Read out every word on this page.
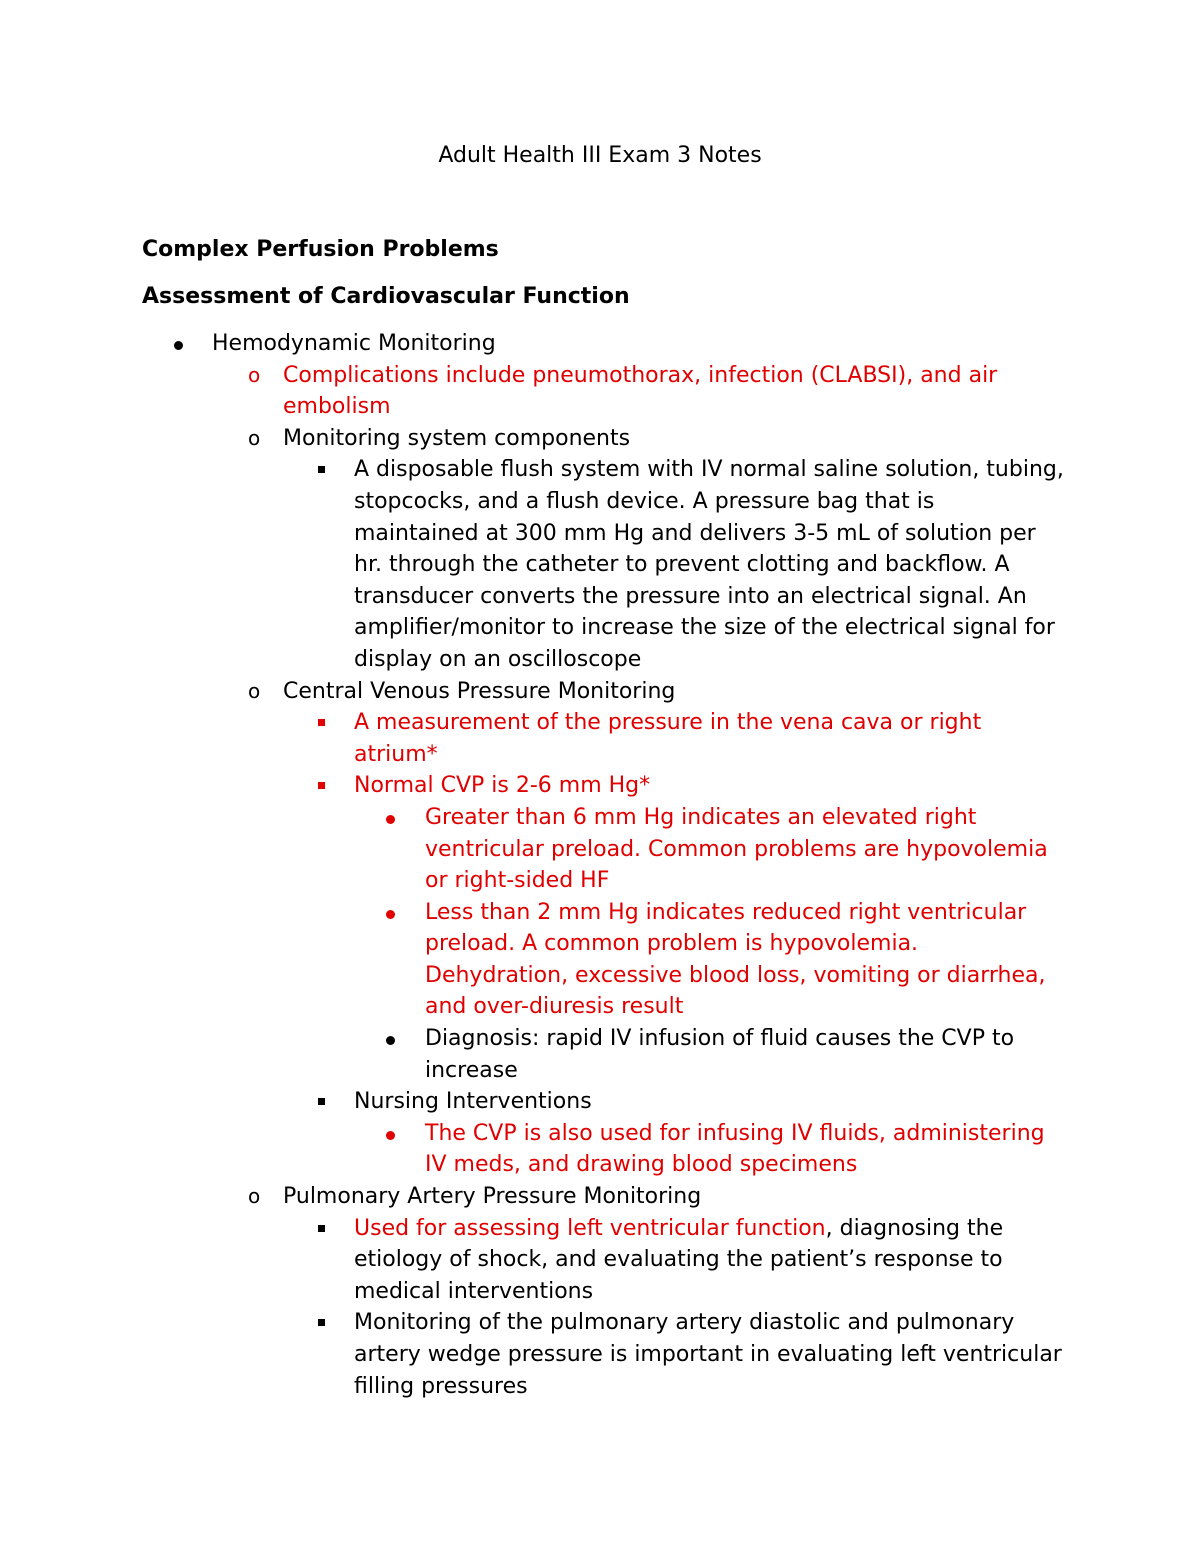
Adult Health III Exam 3 Notes
Complex Perfusion Problems
Assessment of Cardiovascular Function
Hemodynamic Monitoring
o Complications include pneumothorax, infection (CLABSI), and air embolism
o Monitoring system components
A disposable flush system with IV normal saline solution, tubing, stopcocks, and a flush device. A pressure bag that is maintained at 300 mm Hg and delivers 3-5 mL of solution per hr. through the catheter to prevent clotting and backflow. A transducer converts the pressure into an electrical signal. An amplifier/monitor to increase the size of the electrical signal for display on an oscilloscope
o Central Venous Pressure Monitoring
A measurement of the pressure in the vena cava or right atrium*
Normal CVP is 2-6 mm Hg*
Greater than 6 mm Hg indicates an elevated right ventricular preload. Common problems are hypovolemia or right-sided HF
Less than 2 mm Hg indicates reduced right ventricular preload. A common problem is hypovolemia. Dehydration, excessive blood loss, vomiting or diarrhea, and over-diuresis result
Diagnosis: rapid IV infusion of fluid causes the CVP to increase
Nursing Interventions
The CVP is also used for infusing IV fluids, administering IV meds, and drawing blood specimens
o Pulmonary Artery Pressure Monitoring
Used for assessing left ventricular function, diagnosing the etiology of shock, and evaluating the patient’s response to medical interventions
Monitoring of the pulmonary artery diastolic and pulmonary artery wedge pressure is important in evaluating left ventricular filling pressures
